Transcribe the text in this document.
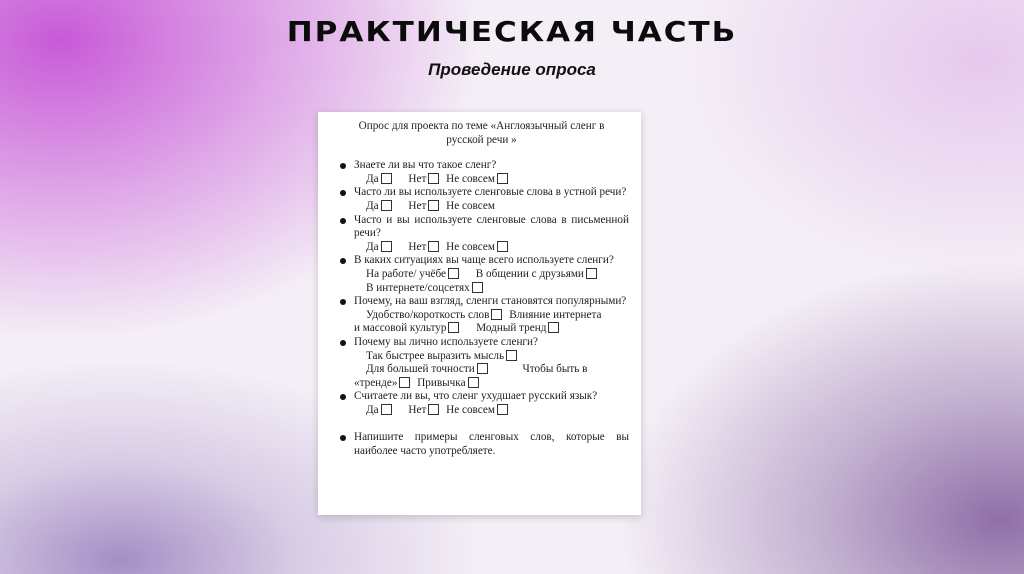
ПРАКТИЧЕСКАЯ ЧАСТЬ
Проведение опроса
Опрос для проекта по теме «Англоязычный сленг в русской речи »
Знаете ли вы что такое сленг?
Да	Нет Не совсем
Часто ли вы используете сленговые слова в устной речи?
Да	Нет Не совсем
Часто и вы используете сленговые слова в письменной речи?
Да	Нет Не совсем
В каких ситуациях вы чаще всего используете сленги?
На работе/ учёбе	В общении с друзьями
В интернете/соцсетях
Почему, на ваш взгляд, сленги становятся популярными?
Удобство/короткость слов Влияние интернета
и массовой культур	Модный тренд
Почему вы лично используете сленги?
Так быстрее выразить мысль
Для большей точности	Чтобы быть в
«тренде» Привычка
Считаете ли вы, что сленг ухудшает русский язык?
Да	Нет Не совсем
Напишите примеры сленговых слов, которые вы наиболее часто употребляете.
